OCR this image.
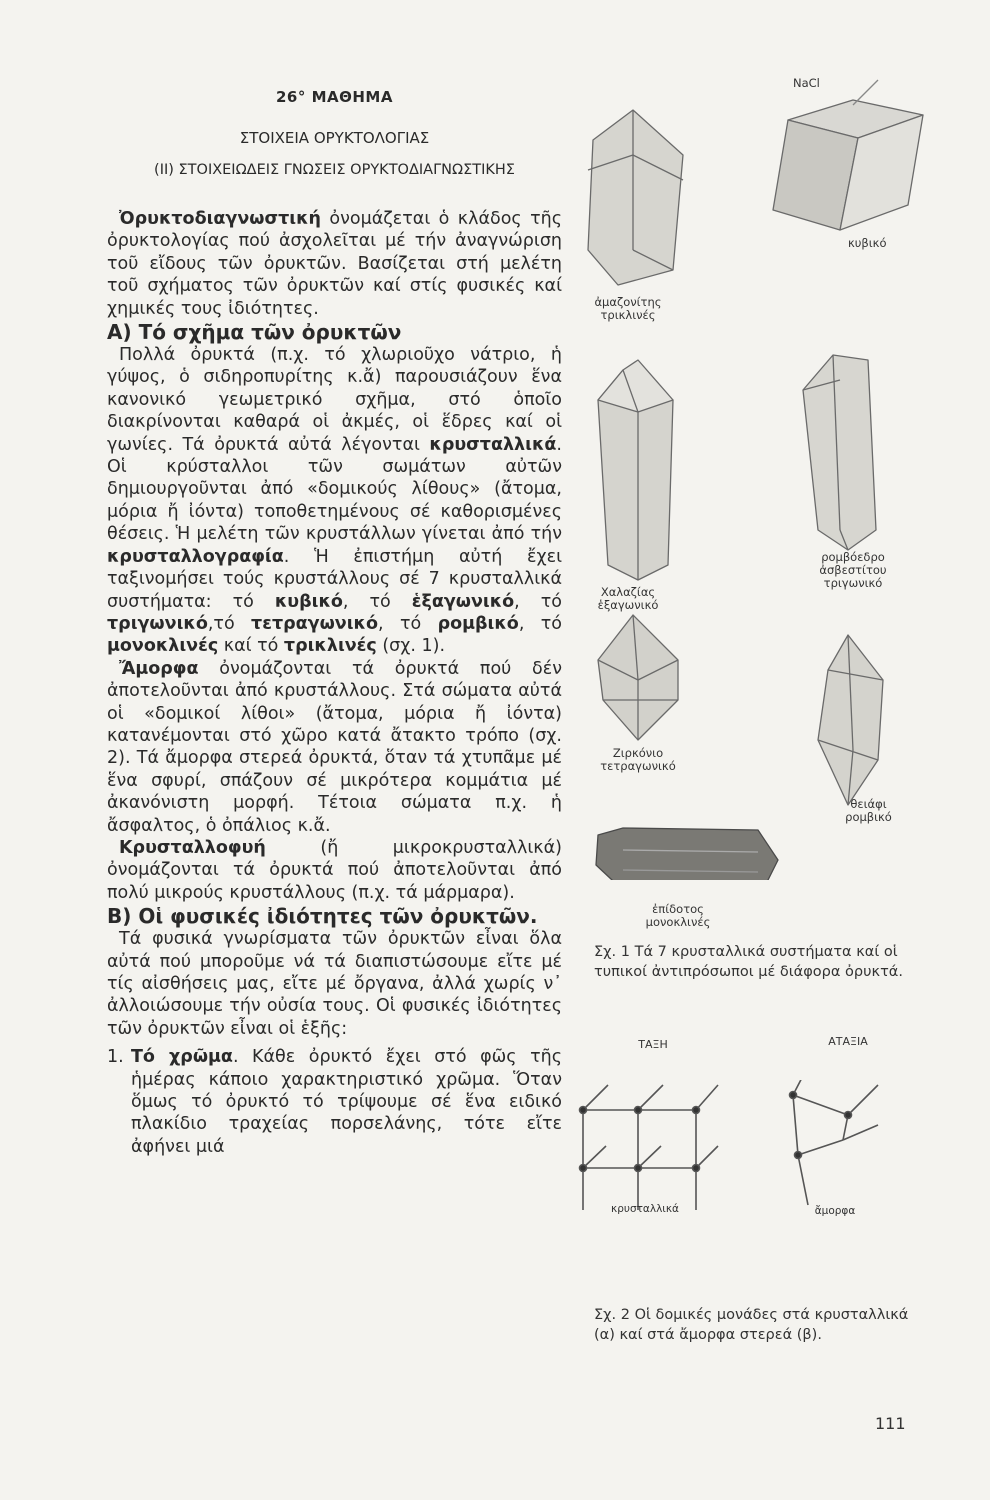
26° ΜΑΘΗΜΑ
ΣΤΟΙΧΕΙΑ ΟΡΥΚΤΟΛΟΓΙΑΣ
(ΙΙ) ΣΤΟΙΧΕΙΩΔΕΙΣ ΓΝΩΣΕΙΣ ΟΡΥΚΤΟΔΙΑΓΝΩΣΤΙΚΗΣ

Ὀρυκτοδιαγνωστική ὀνομάζεται ὁ κλάδος τῆς ὀρυκτολογίας πού ἀσχολεῖται μέ τήν ἀναγνώριση τοῦ εἴδους τῶν ὀρυκτῶν. Βασίζεται στή μελέτη τοῦ σχήματος τῶν ὀρυκτῶν καί στίς φυσικές καί χημικές τους ἰδιότητες.

Α) Τό σχῆμα τῶν ὀρυκτῶν

Πολλά ὀρυκτά (π.χ. τό χλωριοῦχο νάτριο, ἡ γύψος, ὁ σιδηροπυρίτης κ.ἄ) παρουσιάζουν ἕνα κανονικό γεωμετρικό σχῆμα, στό ὁποῖο διακρίνονται καθαρά οἱ ἀκμές, οἱ ἕδρες καί οἱ γωνίες. Τά ὀρυκτά αὐτά λέγονται κρυσταλλικά. Οἱ κρύσταλλοι τῶν σωμάτων αὐτῶν δημιουργοῦνται ἀπό «δομικούς λίθους» (ἄτομα, μόρια ἤ ἰόντα) τοποθετημένους σέ καθορισμένες θέσεις. Ἡ μελέτη τῶν κρυστάλλων γίνεται ἀπό τήν κρυσταλλογραφία. Ἡ ἐπιστήμη αὐτή ἔχει ταξινομήσει τούς κρυστάλλους σέ 7 κρυσταλλικά συστήματα: τό κυβικό, τό ἑξαγωνικό, τό τριγωνικό,τό τετραγωνικό, τό ρομβικό, τό μονοκλινές καί τό τρικλινές (σχ. 1).

Ἄμορφα ὀνομάζονται τά ὀρυκτά πού δέν ἀποτελοῦνται ἀπό κρυστάλλους. Στά σώματα αὐτά οἱ «δομικοί λίθοι» (ἄτομα, μόρια ἤ ἰόντα) κατανέμονται στό χῶρο κατά ἄτακτο τρόπο (σχ. 2). Τά ἄμορφα στερεά ὀρυκτά, ὅταν τά χτυπᾶμε μέ ἕνα σφυρί, σπάζουν σέ μικρότερα κομμάτια μέ ἀκανόνιστη μορφή. Τέτοια σώματα π.χ. ἡ ἄσφαλτος, ὁ ὀπάλιος κ.ἄ.

Κρυσταλλοφυή (ἤ μικροκρυσταλλικά) ὀνομάζονται τά ὀρυκτά πού ἀποτελοῦνται ἀπό πολύ μικρούς κρυστάλλους (π.χ. τά μάρμαρα).

Β) Οἱ φυσικές ἰδιότητες τῶν ὀρυκτῶν.

Τά φυσικά γνωρίσματα τῶν ὀρυκτῶν εἶναι ὅλα αὐτά πού μποροῦμε νά τά διαπιστώσουμε εἴτε μέ τίς αἰσθήσεις μας, εἴτε μέ ὄργανα, ἀλλά χωρίς ν᾽ ἀλλοιώσουμε τήν οὐσία τους. Οἱ φυσικές ἰδιότητες τῶν ὀρυκτῶν εἶναι οἱ ἑξῆς:

1. Τό χρῶμα. Κάθε ὀρυκτό ἔχει στό φῶς τῆς ἡμέρας κάποιο χαρακτηριστικό χρῶμα. Ὅταν ὅμως τό ὀρυκτό τό τρίψουμε σέ ἕνα ειδικό πλακίδιο τραχείας πορσελάνης, τότε εἴτε ἀφήνει μιά
NaCl
κυβικό
ἀμαζονίτης τρικλινές
Χαλαζίας ἑξαγωνικό
ρομβόεδρο ἀσβεστίτου τριγωνικό
Ζιρκόνιο τετραγωνικό
θειάφι ρομβικό
ἐπίδοτος μονοκλινές
Σχ. 1 Τά 7 κρυσταλλικά συστήματα καί οἱ τυπικοί ἀντιπρόσωποι μέ διάφορα ὀρυκτά.
ΤΑΞΗ	ΑΤΑΞΙΑ
κρυσταλλικά	ἄμορφα
Σχ. 2 Οἱ δομικές μονάδες στά κρυσταλλικά (α) καί στά ἄμορφα στερεά (β).
111
